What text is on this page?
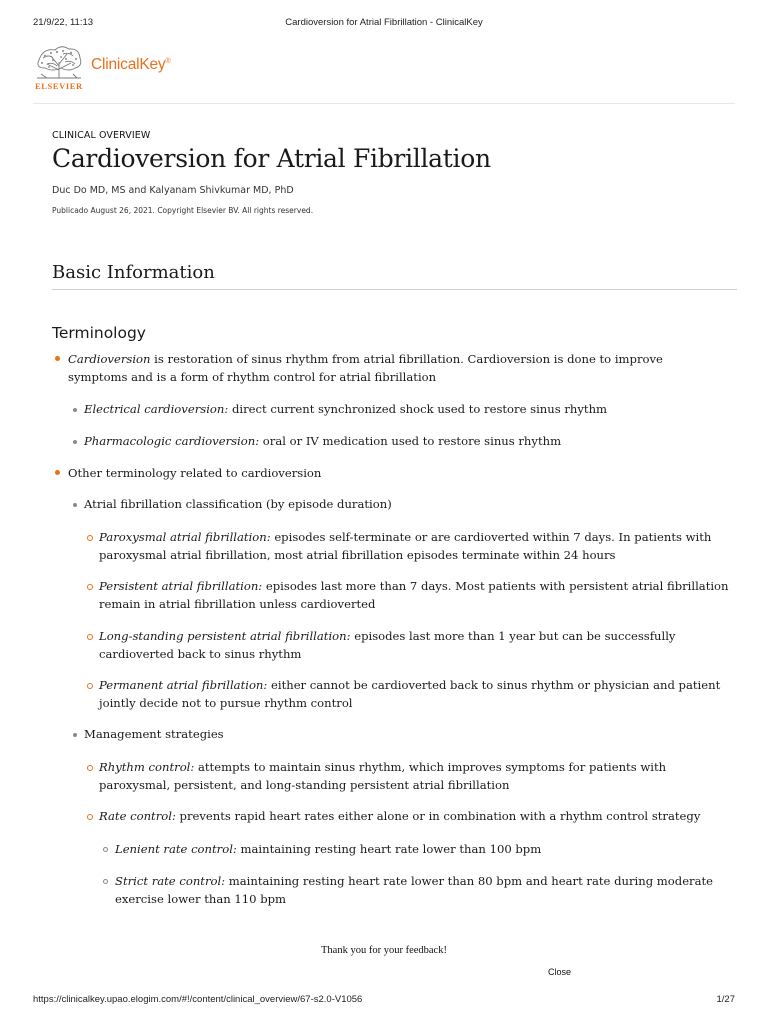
21/9/22, 11:13	Cardioversion for Atrial Fibrillation - ClinicalKey
ClinicalKey®
ELSEVIER
CLINICAL OVERVIEW
Cardioversion for Atrial Fibrillation
Duc Do MD, MS and Kalyanam Shivkumar MD, PhD
Publicado August 26, 2021. Copyright Elsevier BV. All rights reserved.
Basic Information
Terminology
Cardioversion is restoration of sinus rhythm from atrial fibrillation. Cardioversion is done to improve
symptoms and is a form of rhythm control for atrial fibrillation
Electrical cardioversion: direct current synchronized shock used to restore sinus rhythm
Pharmacologic cardioversion: oral or IV medication used to restore sinus rhythm
Other terminology related to cardioversion
Atrial fibrillation classification (by episode duration)
Paroxysmal atrial fibrillation: episodes self-terminate or are cardioverted within 7 days. In patients with
paroxysmal atrial fibrillation, most atrial fibrillation episodes terminate within 24 hours
Persistent atrial fibrillation: episodes last more than 7 days. Most patients with persistent atrial fibrillation
remain in atrial fibrillation unless cardioverted
Long-standing persistent atrial fibrillation: episodes last more than 1 year but can be successfully
cardioverted back to sinus rhythm
Permanent atrial fibrillation: either cannot be cardioverted back to sinus rhythm or physician and patient
jointly decide not to pursue rhythm control
Management strategies
Rhythm control: attempts to maintain sinus rhythm, which improves symptoms for patients with
paroxysmal, persistent, and long-standing persistent atrial fibrillation
Rate control: prevents rapid heart rates either alone or in combination with a rhythm control strategy
Lenient rate control: maintaining resting heart rate lower than 100 bpm
Strict rate control: maintaining resting heart rate lower than 80 bpm and heart rate during moderate
exercise lower than 110 bpm
Thank you for your feedback!
Close
https://clinicalkey.upao.elogim.com/#!/content/clinical_overview/67-s2.0-V1056	1/27
